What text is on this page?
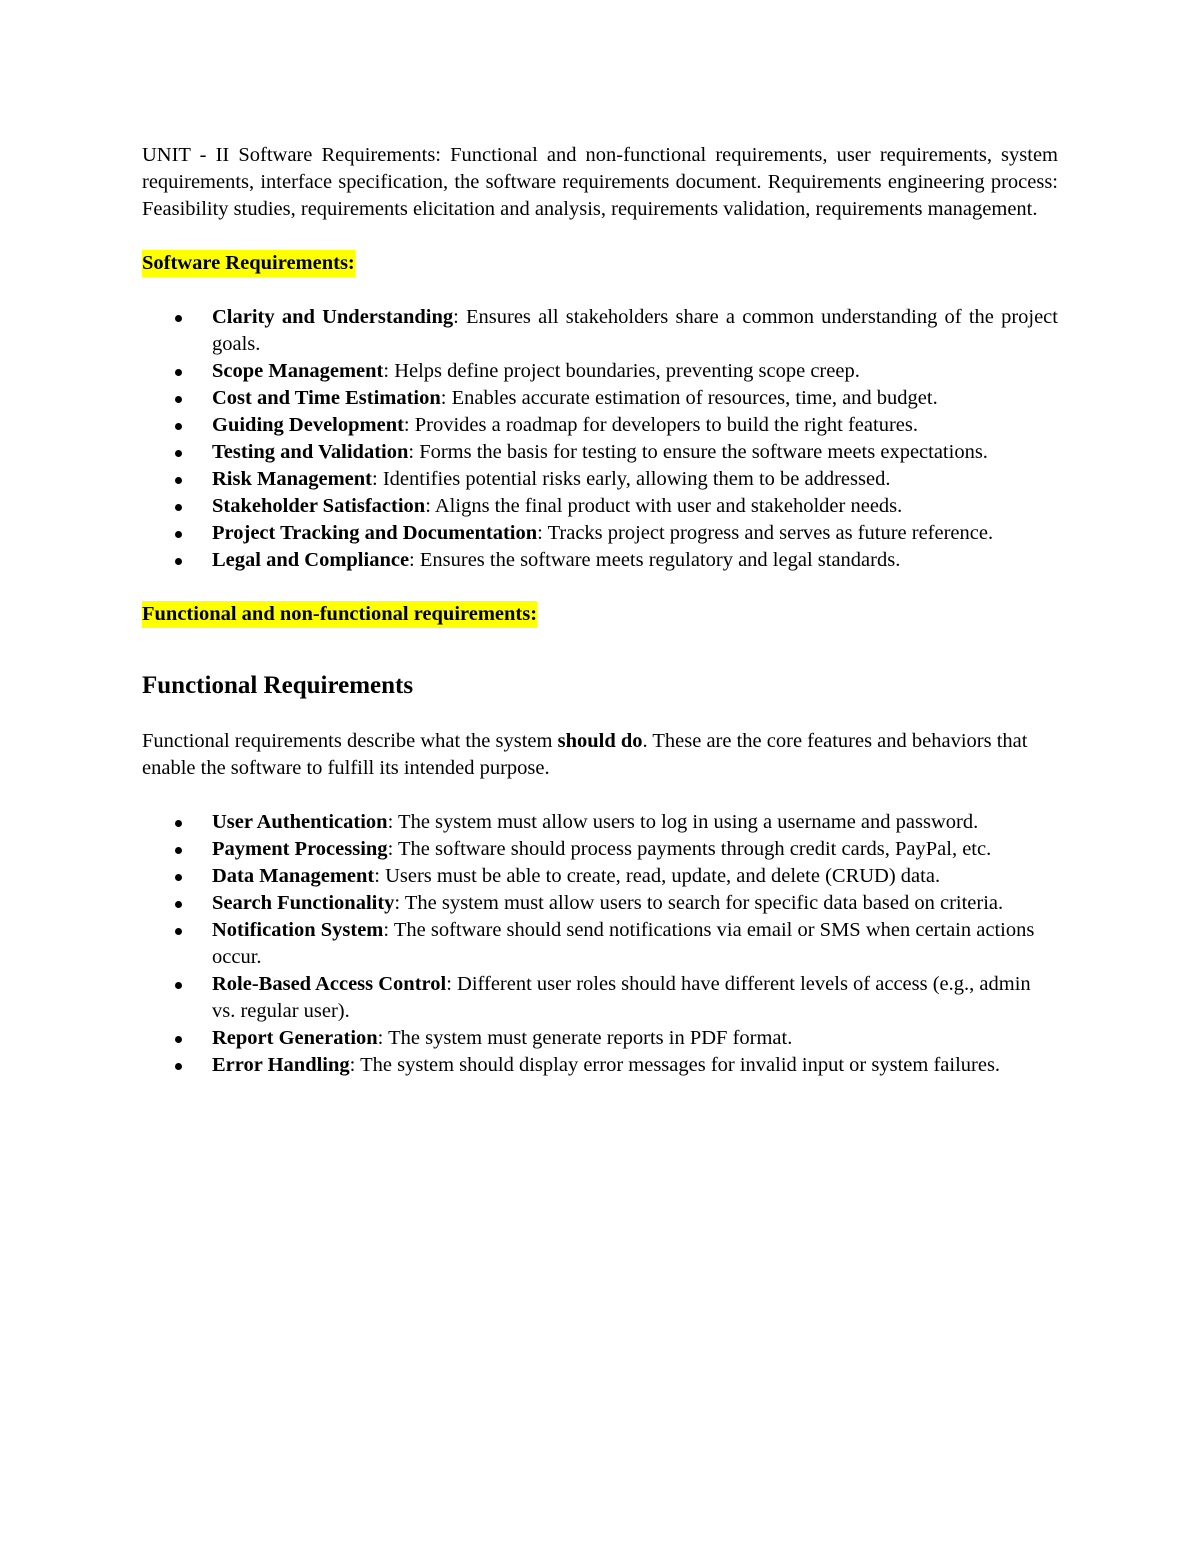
UNIT - II Software Requirements: Functional and non-functional requirements, user requirements, system requirements, interface specification, the software requirements document. Requirements engineering process: Feasibility studies, requirements elicitation and analysis, requirements validation, requirements management.

Software Requirements:

Clarity and Understanding: Ensures all stakeholders share a common understanding of the project goals.
Scope Management: Helps define project boundaries, preventing scope creep.
Cost and Time Estimation: Enables accurate estimation of resources, time, and budget.
Guiding Development: Provides a roadmap for developers to build the right features.
Testing and Validation: Forms the basis for testing to ensure the software meets expectations.
Risk Management: Identifies potential risks early, allowing them to be addressed.
Stakeholder Satisfaction: Aligns the final product with user and stakeholder needs.
Project Tracking and Documentation: Tracks project progress and serves as future reference.
Legal and Compliance: Ensures the software meets regulatory and legal standards.

Functional and non-functional requirements:

Functional Requirements

Functional requirements describe what the system should do. These are the core features and behaviors that enable the software to fulfill its intended purpose.

User Authentication: The system must allow users to log in using a username and password.
Payment Processing: The software should process payments through credit cards, PayPal, etc.
Data Management: Users must be able to create, read, update, and delete (CRUD) data.
Search Functionality: The system must allow users to search for specific data based on criteria.
Notification System: The software should send notifications via email or SMS when certain actions occur.
Role-Based Access Control: Different user roles should have different levels of access (e.g., admin vs. regular user).
Report Generation: The system must generate reports in PDF format.
Error Handling: The system should display error messages for invalid input or system failures.
